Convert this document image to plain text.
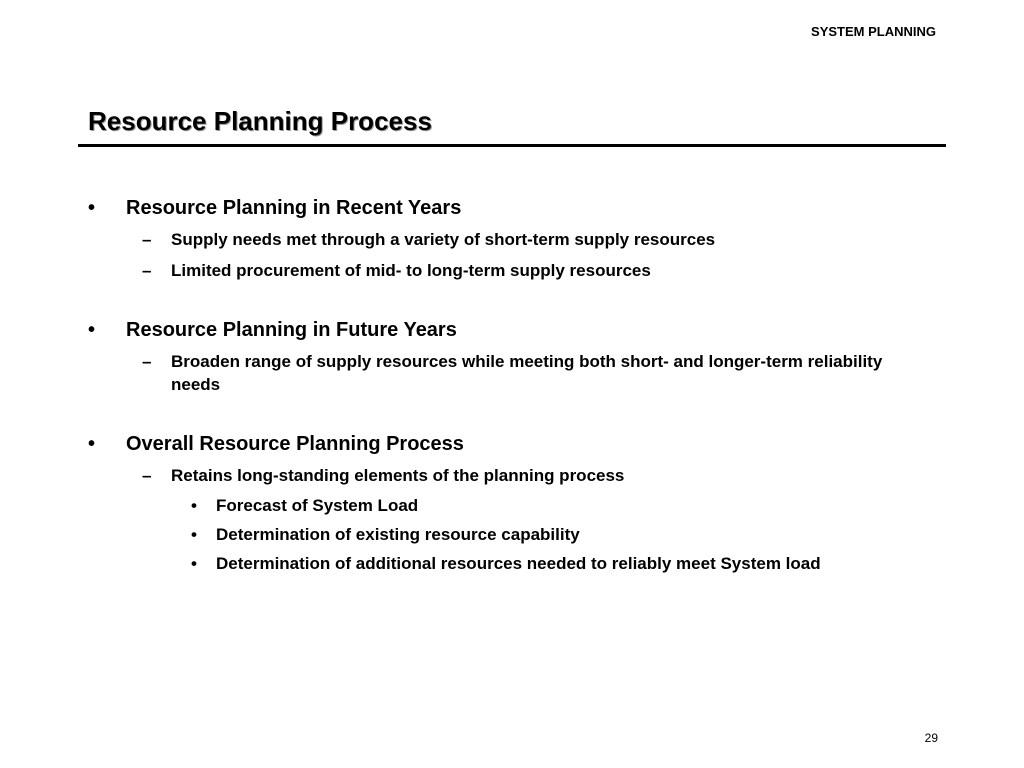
SYSTEM PLANNING
Resource Planning Process
• Resource Planning in Recent Years
– Supply needs met through a variety of short-term supply resources
– Limited procurement of mid- to long-term supply resources
• Resource Planning in Future Years
– Broaden range of supply resources while meeting both short- and longer-term reliability needs
• Overall Resource Planning Process
– Retains long-standing elements of the planning process
• Forecast of System Load
• Determination of existing resource capability
• Determination of additional resources needed to reliably meet System load
29
